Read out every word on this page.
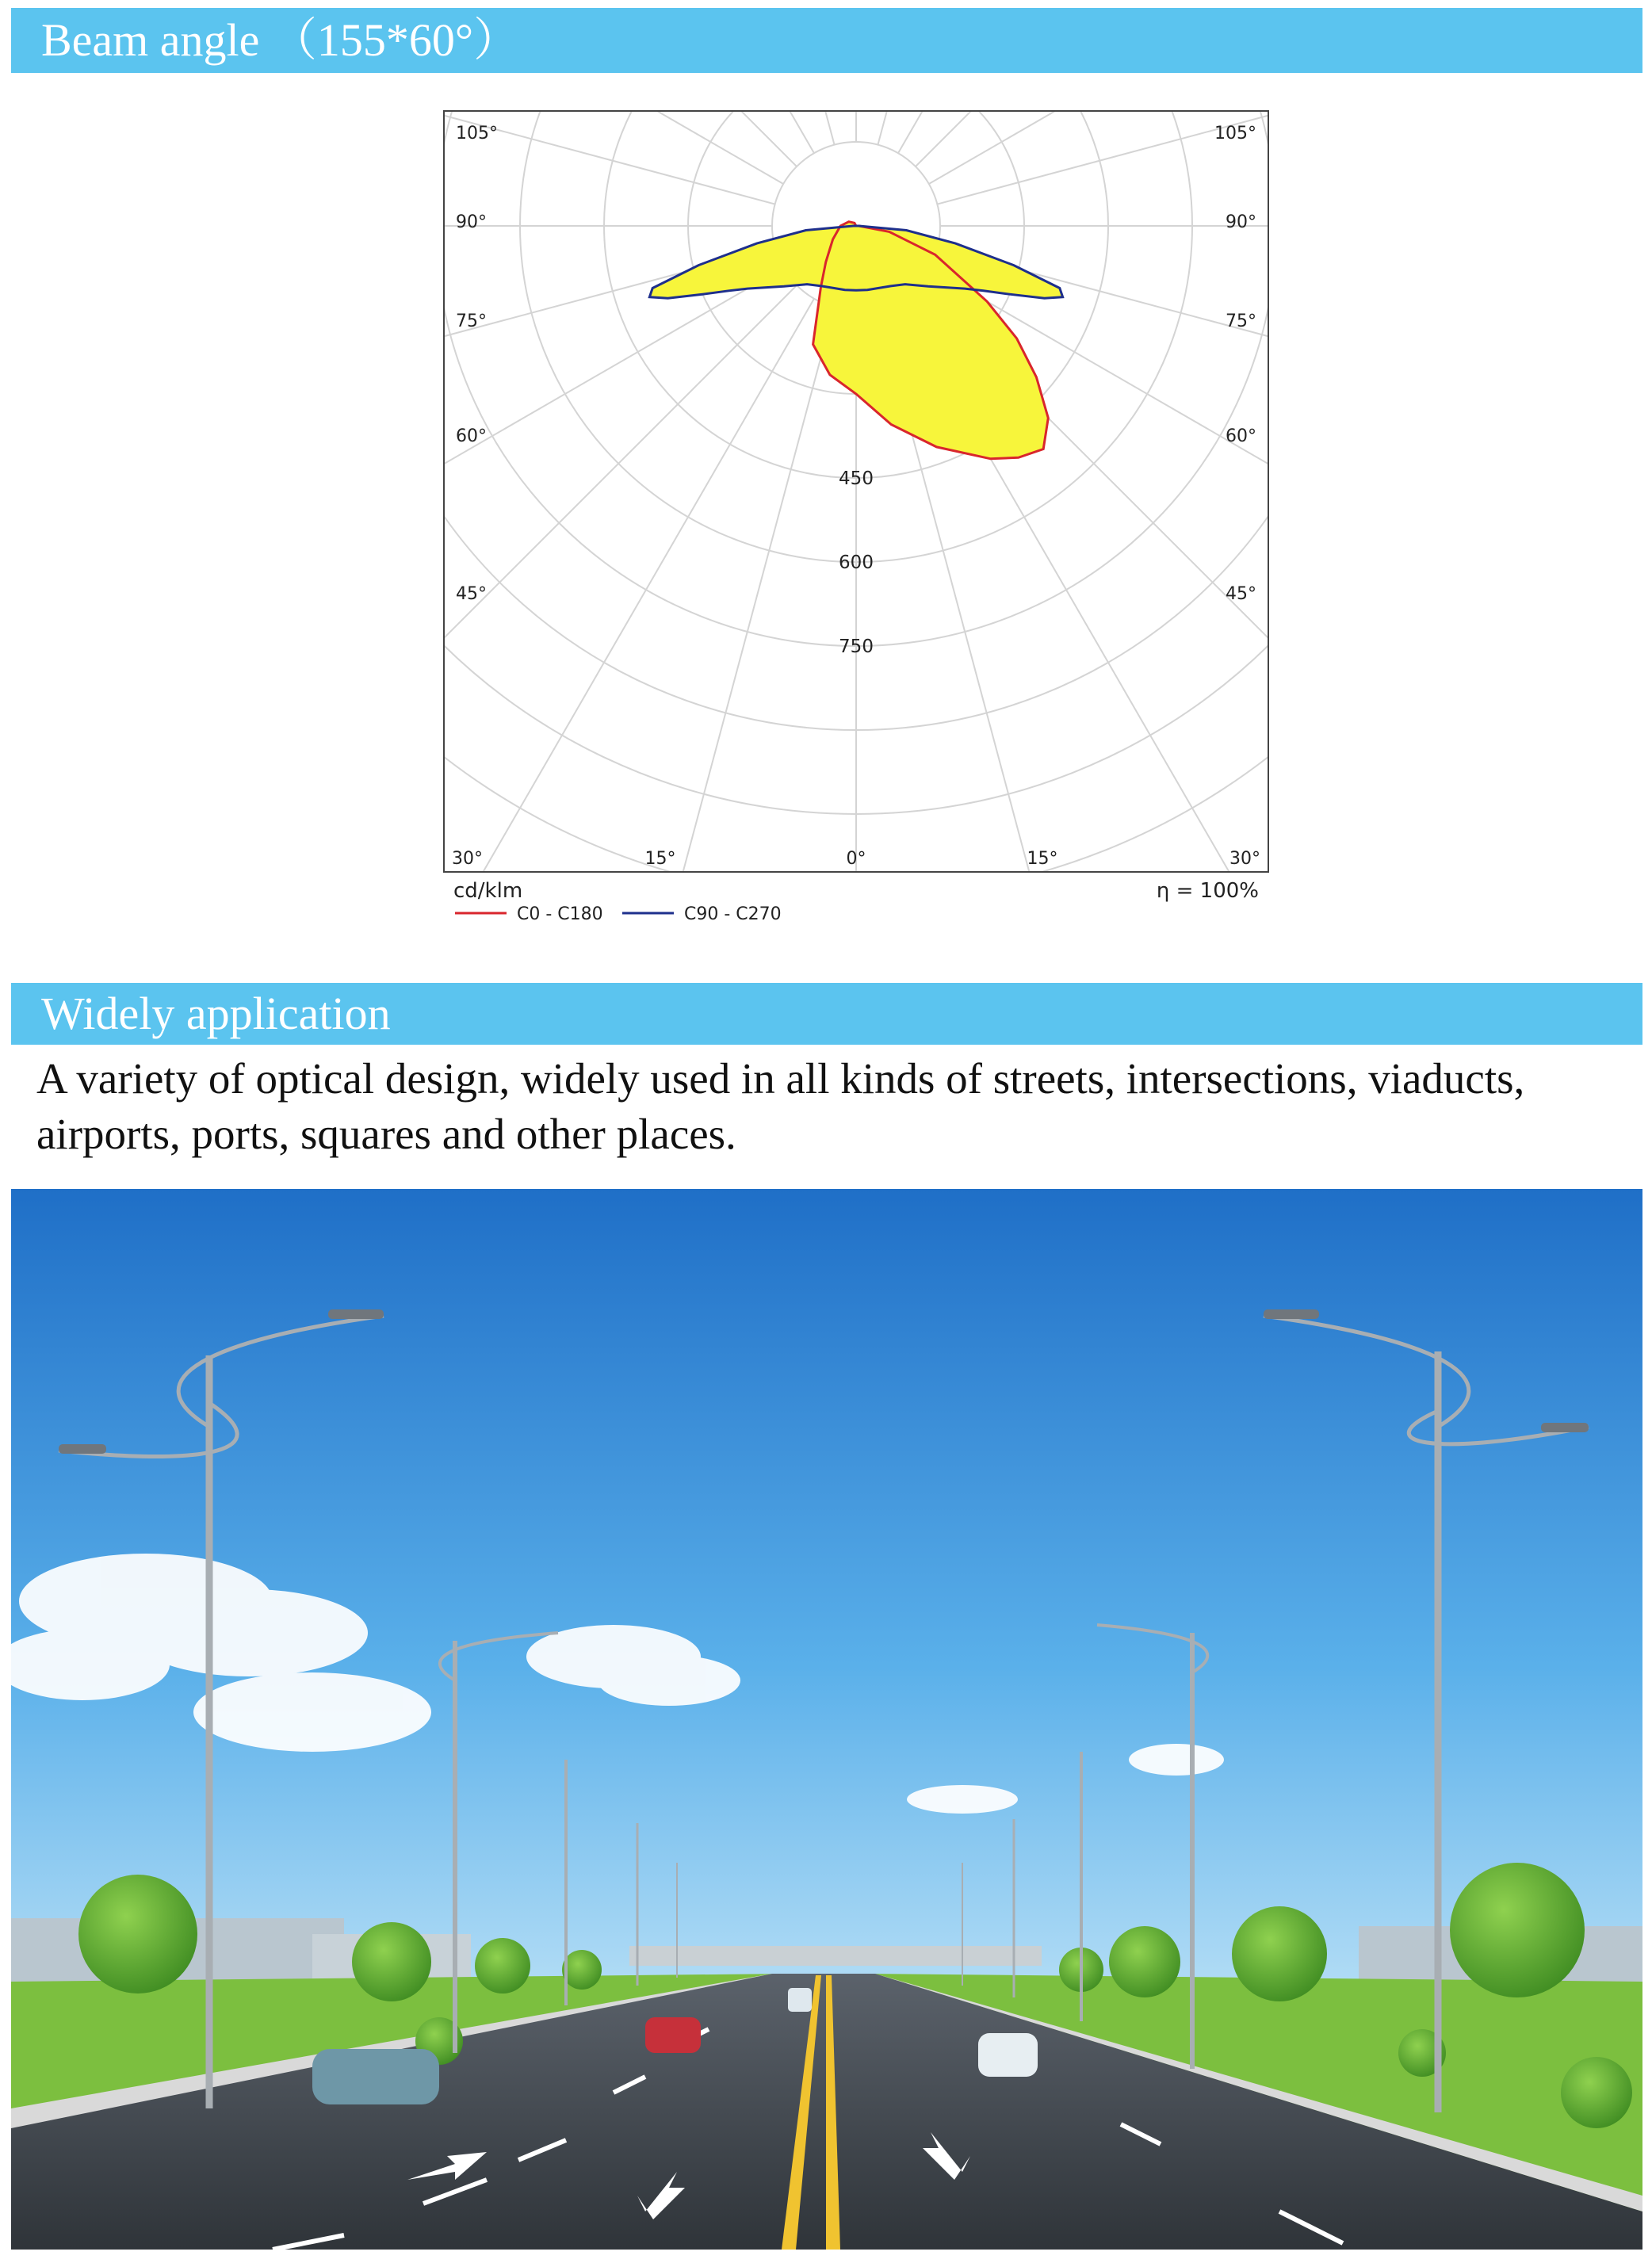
Beam angle （155*60°）
105°
90°
75°
60°
45°
105°
90°
75°
60°
45°
30°	15°	0°	15°	30°
450
600
750
cd/klm	η = 100%
C0 - C180	C90 - C270
Widely application
A variety of optical design, widely used in all kinds of streets, intersections, viaducts, airports, ports, squares and other places.
